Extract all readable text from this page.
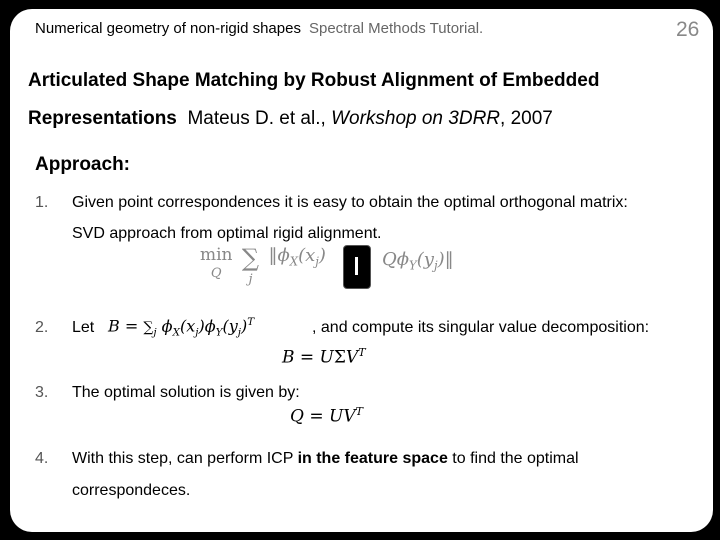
Numerical geometry of non-rigid shapes Spectral Methods Tutorial.	26
Articulated Shape Matching by Robust Alignment of Embedded
Representations Mateus D. et al., Workshop on 3DRR, 2007
Approach:
1. Given point correspondences it is easy to obtain the optimal orthogonal matrix:
SVD approach from optimal rigid alignment.
min
Q ∑
j $‖\phi_X(x_j)$	$Q\phi_Y(y_j)‖$
2. Let $B = \sum_j$ $\phi_X(x_j)\phi_Y(y_j)^T$	, and compute its singular value decomposition:
$B = U\Sigma V^T$
3. The optimal solution is given by:
$Q = UV^T$
4. With this step, can perform ICP in the feature space to find the optimal
correspondeces.
